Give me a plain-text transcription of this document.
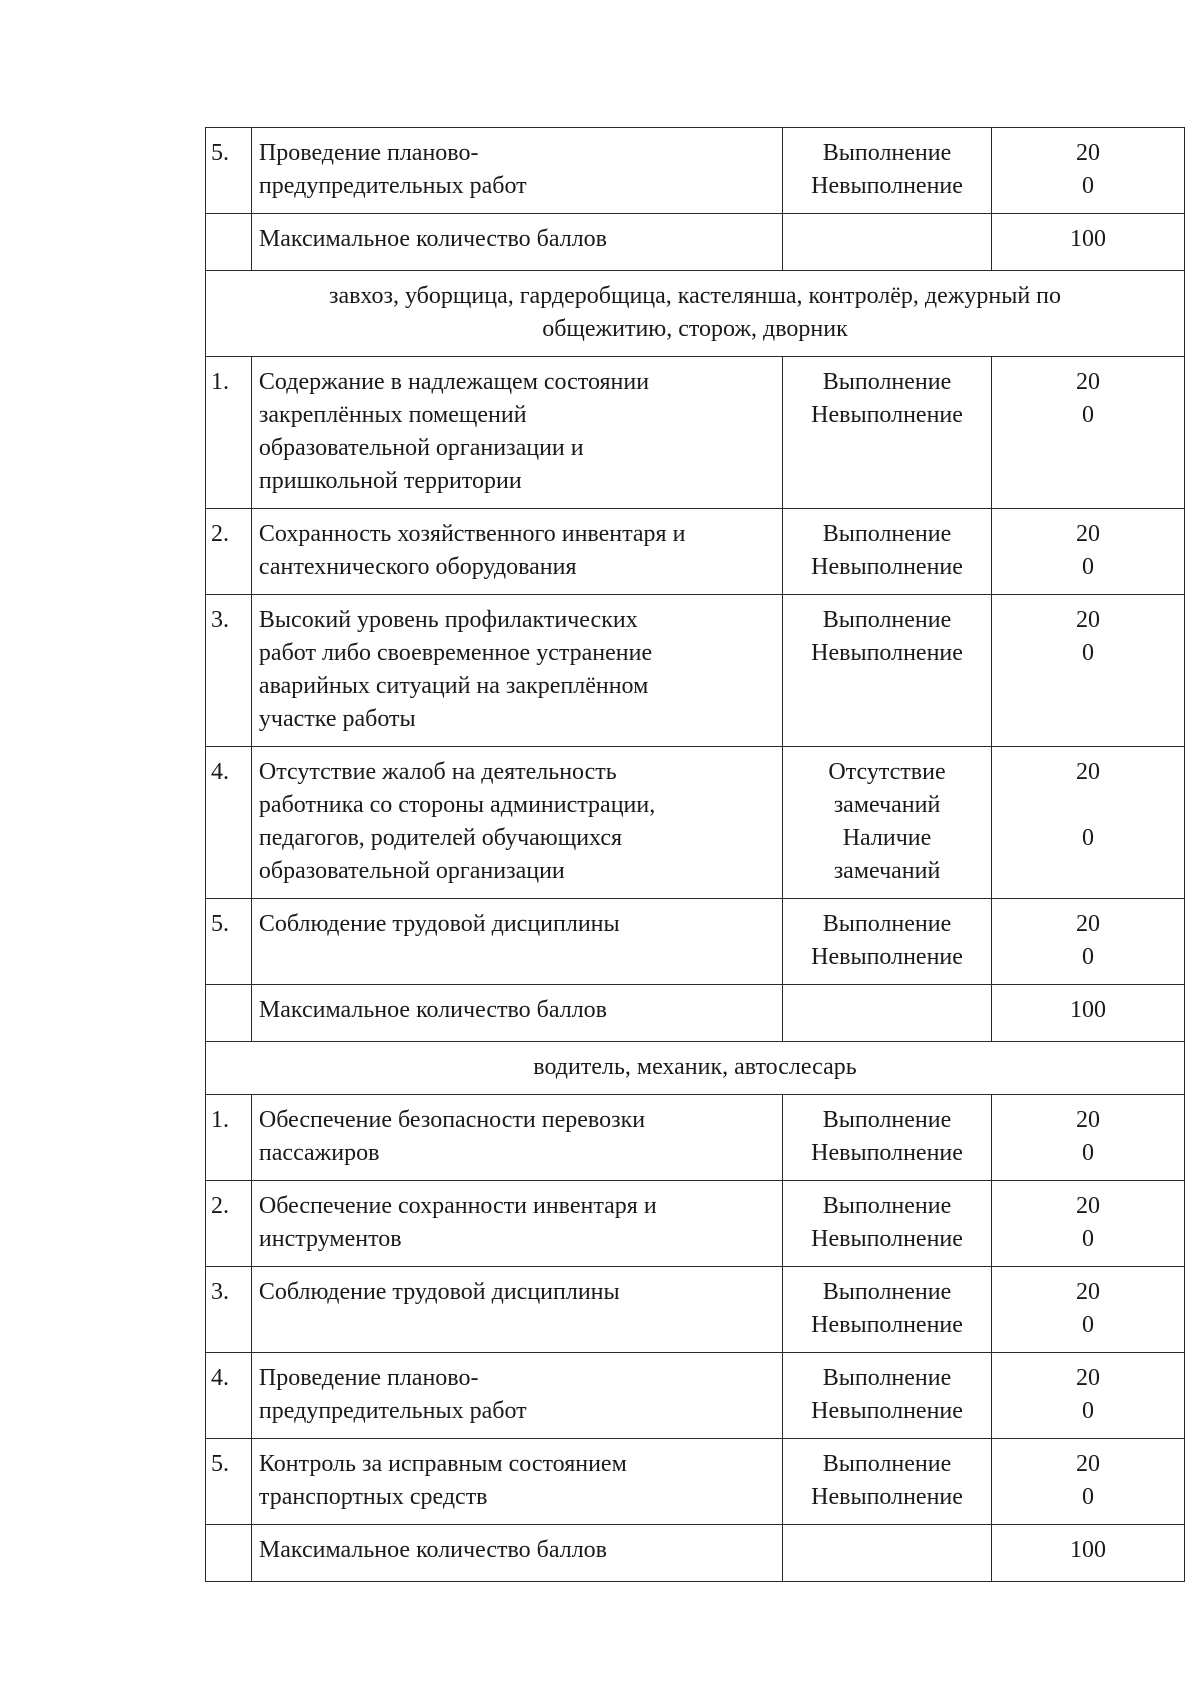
5.	Проведение планово-
предупредительных работ	Выполнение
Невыполнение	20
0

	Максимальное количество баллов		100

завхоз, уборщица, гардеробщица, кастелянша, контролёр, дежурный по
общежитию, сторож, дворник			

1.	Содержание в надлежащем состоянии
закреплённых помещений
образовательной организации и
пришкольной территории	Выполнение
Невыполнение	20
0

2.	Сохранность хозяйственного инвентаря и
сантехнического оборудования	Выполнение
Невыполнение	20
0

3.	Высокий уровень профилактических
работ либо своевременное устранение
аварийных ситуаций на закреплённом
участке работы	Выполнение
Невыполнение	20
0

4.	Отсутствие жалоб на деятельность
работника со стороны администрации,
педагогов, родителей обучающихся
образовательной организации	Отсутствие
замечаний
Наличие
замечаний	20

0

5.	Соблюдение трудовой дисциплины	Выполнение
Невыполнение	20
0

	Максимальное количество баллов		100

водитель, механик, автослесарь			

1.	Обеспечение безопасности перевозки
пассажиров	Выполнение
Невыполнение	20
0

2.	Обеспечение сохранности инвентаря и
инструментов	Выполнение
Невыполнение	20
0

3.	Соблюдение трудовой дисциплины	Выполнение
Невыполнение	20
0

4.	Проведение планово-
предупредительных работ	Выполнение
Невыполнение	20
0

5.	Контроль за исправным состоянием
транспортных средств	Выполнение
Невыполнение	20
0

	Максимальное количество баллов		100
